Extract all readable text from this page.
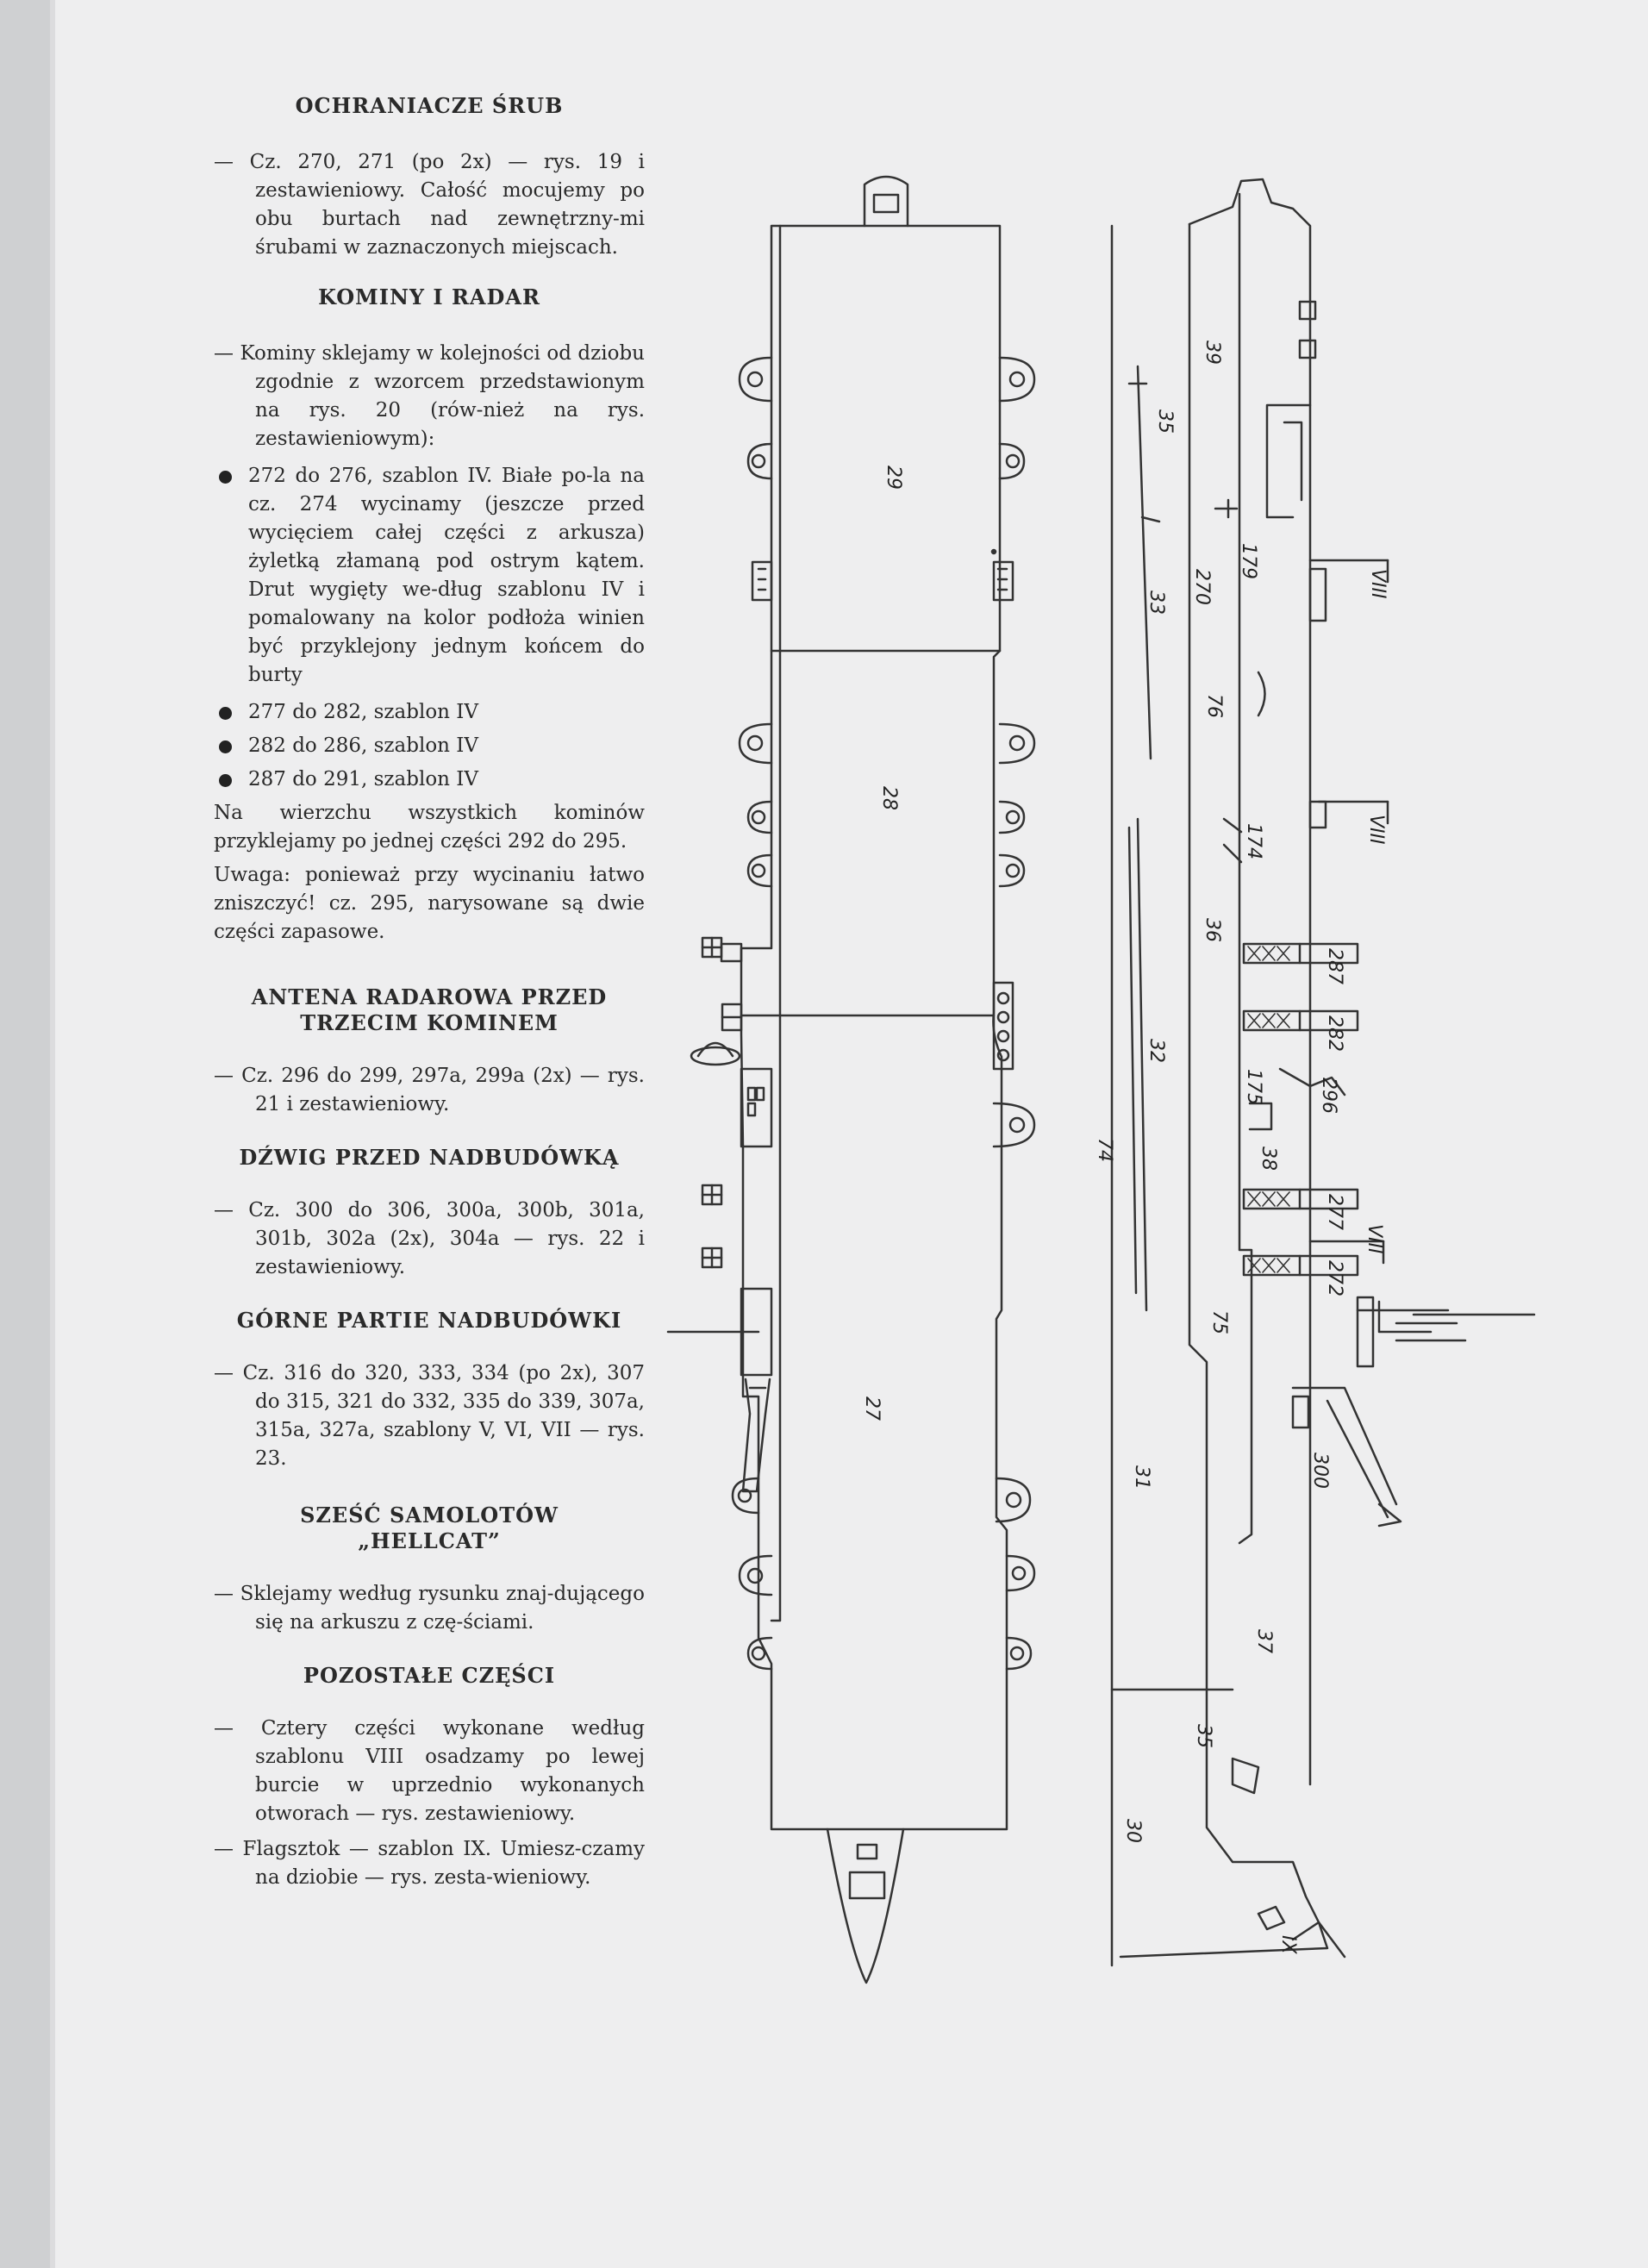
OCHRANIACZE ŚRUB
— Cz. 270, 271 (po 2x) — rys. 19 i zestawieniowy. Całość mocujemy po obu burtach nad zewnętrzny-mi śrubami w zaznaczonych miejscach.
KOMINY I RADAR
— Kominy sklejamy w kolejności od dziobu zgodnie z wzorcem przedstawionym na rys. 20 (rów-nież na rys. zestawieniowym):
272 do 276, szablon IV. Białe po-la na cz. 274 wycinamy (jeszcze przed wycięciem całej części z arkusza) żyletką złamaną pod ostrym kątem. Drut wygięty we-dług szablonu IV i pomalowany na kolor podłoża winien być przyklejony jednym końcem do burty
277 do 282, szablon IV
282 do 286, szablon IV
287 do 291, szablon IV
Na wierzchu wszystkich kominów przyklejamy po jednej części 292 do 295.
Uwaga: ponieważ przy wycinaniu łatwo zniszczyć! cz. 295, narysowane są dwie części zapasowe.
ANTENA RADAROWA PRZED TRZECIM KOMINEM
— Cz. 296 do 299, 297a, 299a (2x) — rys. 21 i zestawieniowy.
DŹWIG PRZED NADBUDÓWKĄ
— Cz. 300 do 306, 300a, 300b, 301a, 301b, 302a (2x), 304a — rys. 22 i zestawieniowy.
GÓRNE PARTIE NADBUDÓWKI
— Cz. 316 do 320, 333, 334 (po 2x), 307 do 315, 321 do 332, 335 do 339, 307a, 315a, 327a, szablony V, VI, VII — rys. 23.
SZEŚĆ SAMOLOTÓW „HELLCAT”
— Sklejamy według rysunku znaj-dującego się na arkuszu z czę-ściami.
POZOSTAŁE CZĘŚCI
— Cztery części wykonane według szablonu VIII osadzamy po lewej burcie w uprzednio wykonanych otworach — rys. zestawieniowy.
— Flagsztok — szablon IX. Umiesz-czamy na dziobie — rys. zesta-wieniowy.
29
28
27
39
35
179
VIII
270
33
76
174	VIII
36
287
282
296
175
32
38
74
277
VIII
272
75
300
31
37
35
30
IX
